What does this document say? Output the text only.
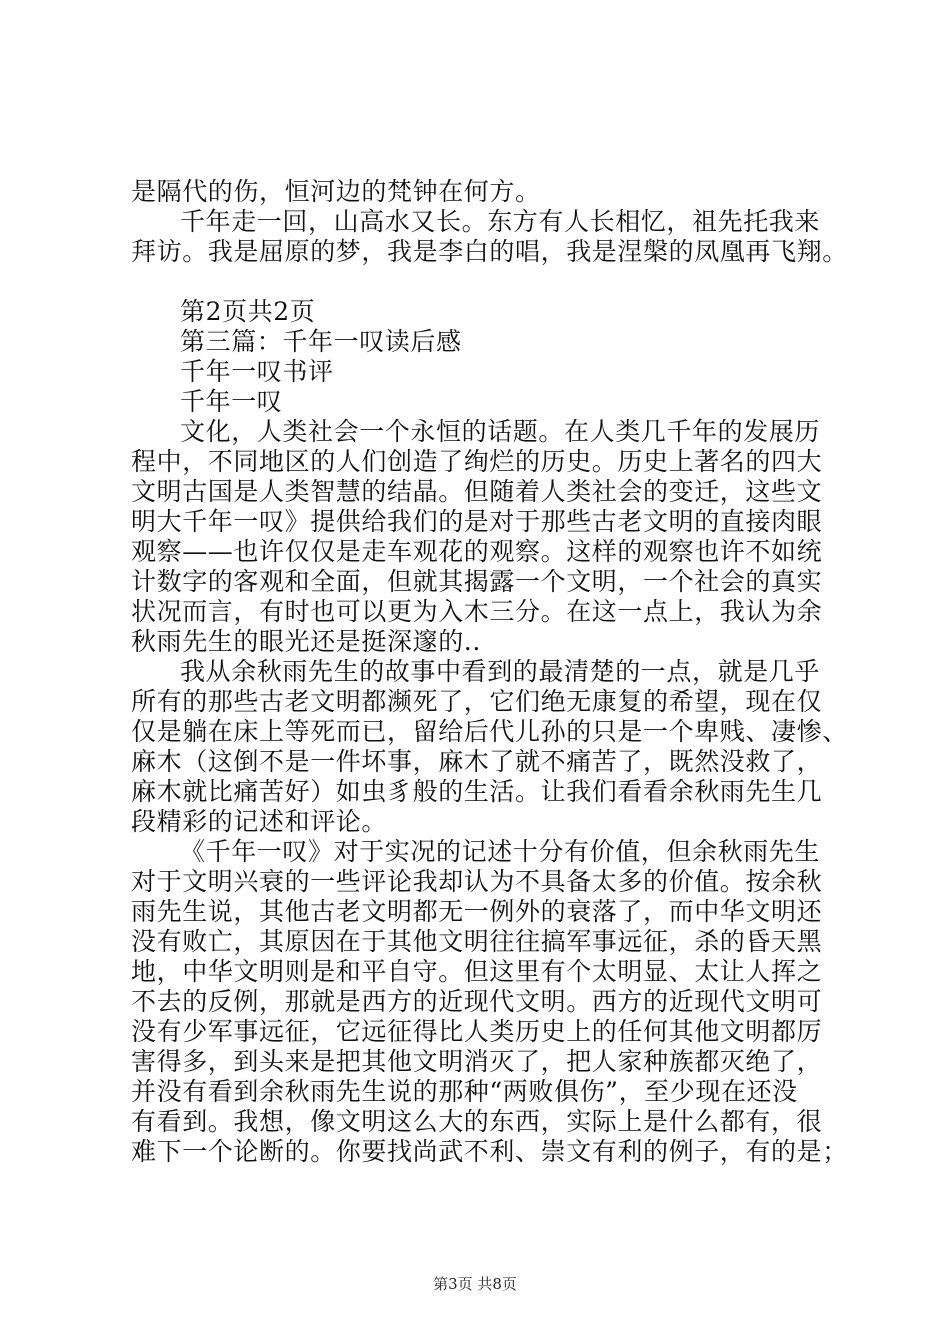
是隔代的伤，恒河边的梵钟在何方。
千年走一回，山高水又长。东方有人长相忆，祖先托我来
拜访。我是屈原的梦，我是李白的唱，我是涅槃的凤凰再飞翔。
第2页共2页
第三篇：千年一叹读后感
千年一叹书评
千年一叹
文化，人类社会一个永恒的话题。在人类几千年的发展历
程中，不同地区的人们创造了绚烂的历史。历史上著名的四大
文明古国是人类智慧的结晶。但随着人类社会的变迁，这些文
明大千年一叹》提供给我们的是对于那些古老文明的直接肉眼
观察——也许仅仅是走车观花的观察。这样的观察也许不如统
计数字的客观和全面，但就其揭露一个文明，一个社会的真实
状况而言，有时也可以更为入木三分。在这一点上，我认为余
秋雨先生的眼光还是挺深邃的..
我从余秋雨先生的故事中看到的最清楚的一点，就是几乎
所有的那些古老文明都濒死了，它们绝无康复的希望，现在仅
仅是躺在床上等死而已，留给后代儿孙的只是一个卑贱、凄惨、
麻木（这倒不是一件坏事，麻木了就不痛苦了，既然没救了，
麻木就比痛苦好）如虫豸般的生活。让我们看看余秋雨先生几
段精彩的记述和评论。
《千年一叹》对于实况的记述十分有价值，但余秋雨先生
对于文明兴衰的一些评论我却认为不具备太多的价值。按余秋
雨先生说，其他古老文明都无一例外的衰落了，而中华文明还
没有败亡，其原因在于其他文明往往搞军事远征，杀的昏天黑
地，中华文明则是和平自守。但这里有个太明显、太让人挥之
不去的反例，那就是西方的近现代文明。西方的近现代文明可
没有少军事远征，它远征得比人类历史上的任何其他文明都厉
害得多，到头来是把其他文明消灭了，把人家种族都灭绝了，
并没有看到余秋雨先生说的那种“两败俱伤”，至少现在还没
有看到。我想，像文明这么大的东西，实际上是什么都有，很
难下一个论断的。你要找尚武不利、崇文有利的例子，有的是；
第3页 共8页
